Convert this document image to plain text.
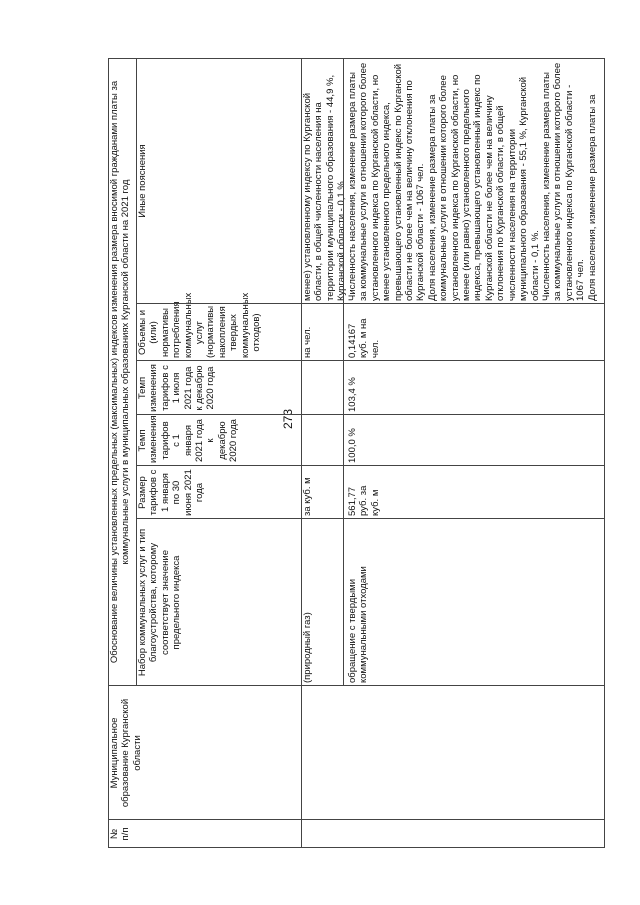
273
№
п/п
Муниципальное образование Курганской области
Обоснование величины установленных предельных (максимальных) индексов изменения размера вносимой гражданами платы за коммунальные услуги в муниципальных образованиях Курганской области на 2021 год
Набор коммунальных услуг и тип благоустройства, которому соответствует значение предельного индекса
Размер тарифов с 1 января по 30 июня 2021 года
Темп изменения тарифов с 1 января 2021 года к декабрю 2020 года
Темп изменения тарифов с 1 июля 2021 года к декабрю 2020 года
Объемы и (или) нормативы потребления коммунальных услуг (нормативы накопления твердых коммунальных отходов)
Иные пояснения
(природный газ)
за куб. м
на чел.
менее) установленному индексу по Курганской области, в общей численности населения на территории муниципального образования - 44,9 %, Курганской области - 0,1 %.
обращение с твердыми коммунальными отходами
561,77 руб. за куб. м
100,0 %
103,4 %
0,14167 куб. м на чел.
Численность населения, изменение размера платы за коммунальные услуги в отношении которого более установленного индекса по Курганской области, но менее установленного предельного индекса, превышающего установленный индекс по Курганской области не более чем на величину отклонения по Курганской области - 1067 чел.
Доля населения, изменение размера платы за коммунальные услуги в отношении которого более установленного индекса по Курганской области, но менее (или равно) установленного предельного индекса, превышающего установленный индекс по Курганской области не более чем на величину отклонения по Курганской области, в общей численности населения на территории муниципального образования - 55,1 %, Курганской области - 0,1 %.
Численность населения, изменение размера платы за коммунальные услуги в отношении которого более установленного индекса по Курганской области - 1067 чел.
Доля населения, изменение размера платы за
